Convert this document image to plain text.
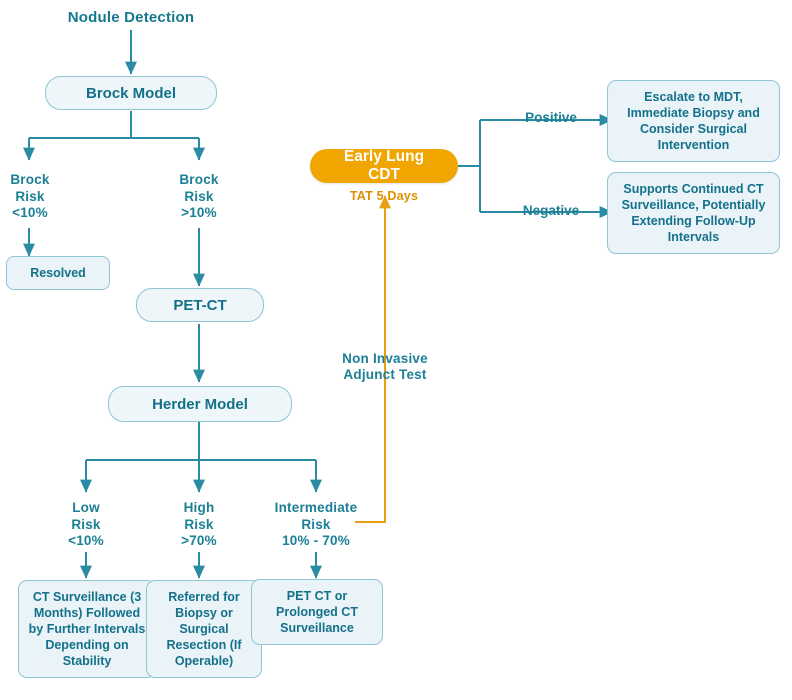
Nodule Detection
Brock Model
Brock
Risk
<10%
Brock
Risk
>10%
Resolved
PET-CT
Herder Model
Low
Risk
<10%
High
Risk
>70%
Intermediate
Risk
10% - 70%
CT Surveillance (3 Months) Followed by Further Intervals Depending on Stability
Referred for Biopsy or Surgical Resection (If Operable)
PET CT or Prolonged CT Surveillance
Non Invasive
Adjunct Test
Early Lung CDT
TAT 5 Days
Positive
Negative
Escalate to MDT, Immediate Biopsy and Consider Surgical Intervention
Supports Continued CT Surveillance, Potentially Extending Follow-Up Intervals
